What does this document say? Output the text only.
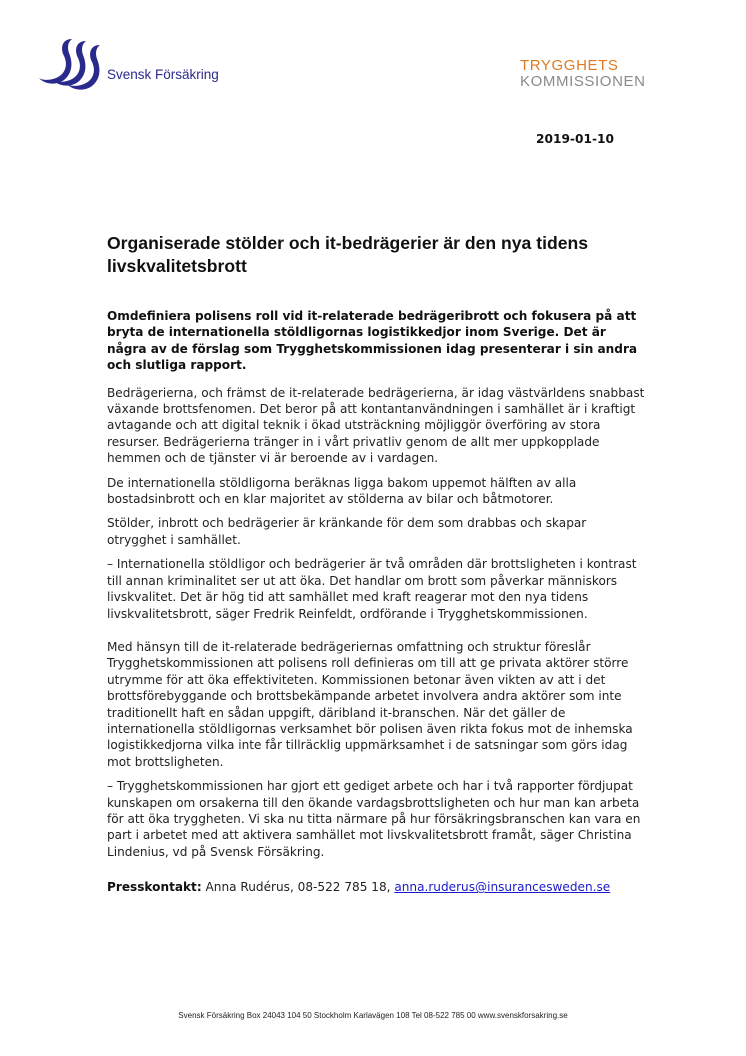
Svensk Försäkring
TRYGGHETS
KOMMISSIONEN
2019-01-10
Organiserade stölder och it-bedrägerier är den nya tidens livskvalitetsbrott

Omdefiniera polisens roll vid it-relaterade bedrägeribrott och fokusera på att bryta de internationella stöldligornas logistikkedjor inom Sverige. Det är några av de förslag som Trygghetskommissionen idag presenterar i sin andra och slutliga rapport.

Bedrägerierna, och främst de it-relaterade bedrägerierna, är idag västvärldens snabbast växande brottsfenomen. Det beror på att kontantanvändningen i samhället är i kraftigt avtagande och att digital teknik i ökad utsträckning möjliggör överföring av stora resurser. Bedrägerierna tränger in i vårt privatliv genom de allt mer uppkopplade hemmen och de tjänster vi är beroende av i vardagen.

De internationella stöldligorna beräknas ligga bakom uppemot hälften av alla bostadsinbrott och en klar majoritet av stölderna av bilar och båtmotorer.

Stölder, inbrott och bedrägerier är kränkande för dem som drabbas och skapar otrygghet i samhället.

– Internationella stöldligor och bedrägerier är två områden där brottsligheten i kontrast till annan kriminalitet ser ut att öka. Det handlar om brott som påverkar människors livskvalitet. Det är hög tid att samhället med kraft reagerar mot den nya tidens livskvalitetsbrott, säger Fredrik Reinfeldt, ordförande i Trygghetskommissionen.

Med hänsyn till de it-relaterade bedrägeriernas omfattning och struktur föreslår Trygghetskommissionen att polisens roll definieras om till att ge privata aktörer större utrymme för att öka effektiviteten. Kommissionen betonar även vikten av att i det brottsförebyggande och brottsbekämpande arbetet involvera andra aktörer som inte traditionellt haft en sådan uppgift, däribland it-branschen. När det gäller de internationella stöldligornas verksamhet bör polisen även rikta fokus mot de inhemska logistikkedjorna vilka inte får tillräcklig uppmärksamhet i de satsningar som görs idag mot brottsligheten.

– Trygghetskommissionen har gjort ett gediget arbete och har i två rapporter fördjupat kunskapen om orsakerna till den ökande vardagsbrottsligheten och hur man kan arbeta för att öka tryggheten. Vi ska nu titta närmare på hur försäkringsbranschen kan vara en part i arbetet med att aktivera samhället mot livskvalitetsbrott framåt, säger Christina Lindenius, vd på Svensk Försäkring.

Presskontakt: Anna Rudérus, 08-522 785 18, anna.ruderus@insurancesweden.se

Svensk Försäkring Box 24043 104 50 Stockholm Karlavägen 108 Tel 08-522 785 00 www.svenskforsakring.se
